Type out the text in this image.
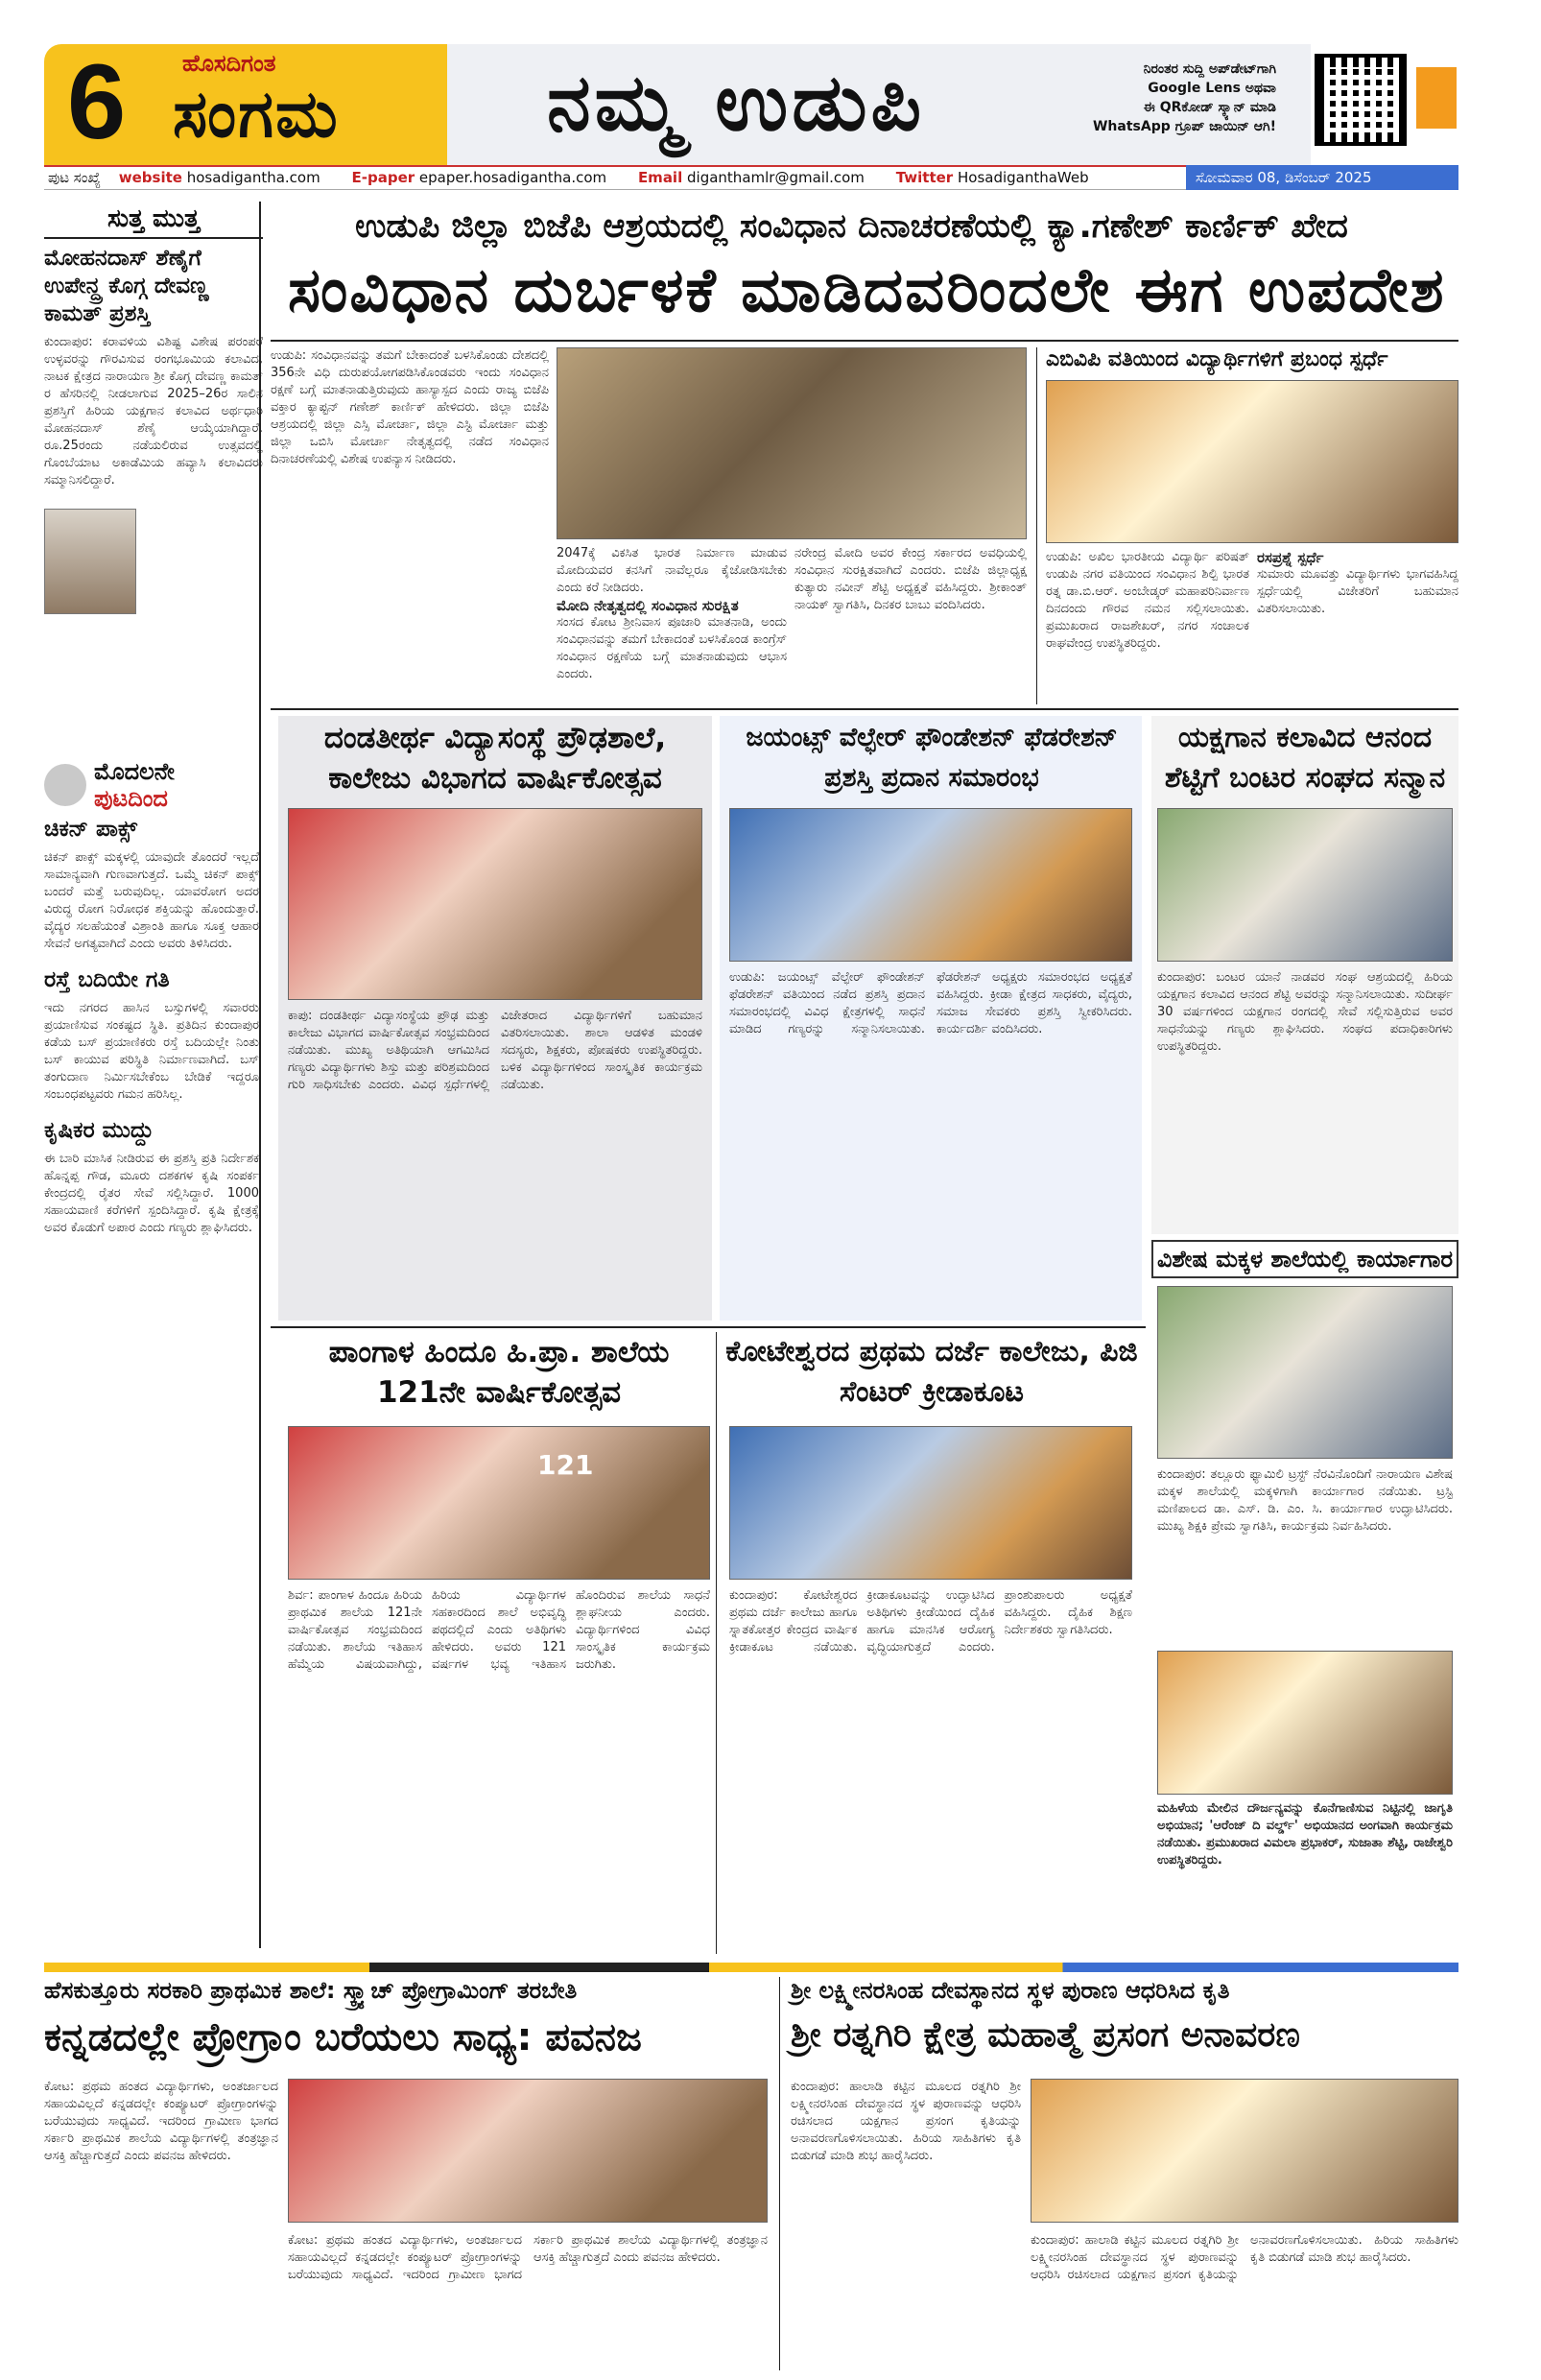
6 ಹೊಸದಿಗಂತ
ಸಂಗಮ	ನಮ್ಮ ಉಡುಪಿ	ನಿರಂತರ ಸುದ್ದಿ ಅಪ್‌ಡೇಟ್‌ಗಾಗಿ
Google Lens ಅಥವಾ
ಈ QRಕೋಡ್ ಸ್ಕ್ಯಾನ್ ಮಾಡಿ
WhatsApp ಗ್ರೂಪ್ ಜಾಯಿನ್ ಆಗಿ!
ಪುಟ ಸಂಖ್ಯೆ website hosadigantha.com E-paper epaper.hosadigantha.com Email diganthamlr@gmail.com Twitter HosadiganthaWeb	ಸೋಮವಾರ 08, ಡಿಸೆಂಬರ್ 2025
ಸುತ್ತ ಮುತ್ತ
ಮೋಹನದಾಸ್ ಶೆಣೈಗೆ ಉಪೇನ್ದ್ರ ಕೊಗ್ಗ ದೇವಣ್ಣ ಕಾಮತ್ ಪ್ರಶಸ್ತಿ
ಕುಂದಾಪುರ: ಕರಾವಳಿಯ ವಿಶಿಷ್ಟ ವಿಶೇಷ ಪರಂಪರೆ ಉಳ್ಳವರನ್ನು ಗೌರವಿಸುವ ರಂಗಭೂಮಿಯ ಕಲಾವಿದ, ನಾಟಕ ಕ್ಷೇತ್ರದ ನಾರಾಯಣ ಶ್ರೀ ಕೊಗ್ಗ ದೇವಣ್ಣ ಕಾಮತ್ ರ ಹೆಸರಿನಲ್ಲಿ ನೀಡಲಾಗುವ 2025–26ರ ಸಾಲಿನ ಪ್ರಶಸ್ತಿಗೆ ಹಿರಿಯ ಯಕ್ಷಗಾನ ಕಲಾವಿದ ಅರ್ಥಧಾರಿ ಮೋಹನದಾಸ್ ಶೆಣೈ ಆಯ್ಕೆಯಾಗಿದ್ದಾರೆ. ರೂ.25ರಂದು ನಡೆಯಲಿರುವ ಉತ್ಸವದಲ್ಲಿ ಗೊಂಬೆಯಾಟ ಅಕಾಡೆಮಿಯ ಹವ್ಯಾಸಿ ಕಲಾವಿದರು ಸಮ್ಮಾನಿಸಲಿದ್ದಾರೆ.
ಮೊದಲನೇ
ಪುಟದಿಂದ
ಚಿಕನ್ ಪಾಕ್ಸ್
ಚಿಕನ್ ಪಾಕ್ಸ್ ಮಕ್ಕಳಲ್ಲಿ ಯಾವುದೇ ತೊಂದರೆ ಇಲ್ಲದೆ ಸಾಮಾನ್ಯವಾಗಿ ಗುಣವಾಗುತ್ತದೆ. ಒಮ್ಮೆ ಚಿಕನ್ ಪಾಕ್ಸ್ ಬಂದರೆ ಮತ್ತೆ ಬರುವುದಿಲ್ಲ. ಯಾವರೋಗ ಅದರ ವಿರುದ್ಧ ರೋಗ ನಿರೋಧಕ ಶಕ್ತಿಯನ್ನು ಹೊಂದುತ್ತಾರೆ. ವೈದ್ಯರ ಸಲಹೆಯಂತೆ ವಿಶ್ರಾಂತಿ ಹಾಗೂ ಸೂಕ್ತ ಆಹಾರ ಸೇವನೆ ಅಗತ್ಯವಾಗಿದೆ ಎಂದು ಅವರು ತಿಳಿಸಿದರು.
ರಸ್ತೆ ಬದಿಯೇ ಗತಿ
ಇದು ನಗರದ ಹಾಸಿನ ಬಸ್ಸುಗಳಲ್ಲಿ ಸವಾರರು ಪ್ರಯಾಣಿಸುವ ಸಂಕಷ್ಟದ ಸ್ಥಿತಿ. ಪ್ರತಿದಿನ ಕುಂದಾಪುರ ಕಡೆಯ ಬಸ್ ಪ್ರಯಾಣಿಕರು ರಸ್ತೆ ಬದಿಯಲ್ಲೇ ನಿಂತು ಬಸ್ ಕಾಯುವ ಪರಿಸ್ಥಿತಿ ನಿರ್ಮಾಣವಾಗಿದೆ. ಬಸ್ ತಂಗುದಾಣ ನಿರ್ಮಿಸಬೇಕೆಂಬ ಬೇಡಿಕೆ ಇದ್ದರೂ ಸಂಬಂಧಪಟ್ಟವರು ಗಮನ ಹರಿಸಿಲ್ಲ.
ಕೃಷಿಕರ ಮುದ್ದು
ಈ ಬಾರಿ ಮಾಸಿಕ ನೀಡಿರುವ ಈ ಪ್ರಶಸ್ತಿ ಪ್ರತಿ ನಿರ್ದೇಶಕ ಹೊನ್ನಪ್ಪ ಗೌಡ, ಮೂರು ದಶಕಗಳ ಕೃಷಿ ಸಂಪರ್ಕ ಕೇಂದ್ರದಲ್ಲಿ ರೈತರ ಸೇವೆ ಸಲ್ಲಿಸಿದ್ದಾರೆ. 1000 ಸಹಾಯವಾಣಿ ಕರೆಗಳಿಗೆ ಸ್ಪಂದಿಸಿದ್ದಾರೆ. ಕೃಷಿ ಕ್ಷೇತ್ರಕ್ಕೆ ಅವರ ಕೊಡುಗೆ ಅಪಾರ ಎಂದು ಗಣ್ಯರು ಶ್ಲಾಘಿಸಿದರು.
ಉಡುಪಿ ಜಿಲ್ಲಾ ಬಿಜೆಪಿ ಆಶ್ರಯದಲ್ಲಿ ಸಂವಿಧಾನ ದಿನಾಚರಣೆಯಲ್ಲಿ ಕ್ಯಾ.ಗಣೇಶ್ ಕಾರ್ಣಿಕ್ ಖೇದ
ಸಂವಿಧಾನ ದುರ್ಬಳಕೆ ಮಾಡಿದವರಿಂದಲೇ ಈಗ ಉಪದೇಶ
ಉಡುಪಿ: ಸಂವಿಧಾನವನ್ನು ತಮಗೆ ಬೇಕಾದಂತೆ ಬಳಸಿಕೊಂಡು ದೇಶದಲ್ಲಿ 356ನೇ ವಿಧಿ ದುರುಪಯೋಗಪಡಿಸಿಕೊಂಡವರು ಇಂದು ಸಂವಿಧಾನ ರಕ್ಷಣೆ ಬಗ್ಗೆ ಮಾತನಾಡುತ್ತಿರುವುದು ಹಾಸ್ಯಾಸ್ಪದ ಎಂದು ರಾಜ್ಯ ಬಿಜೆಪಿ ವಕ್ತಾರ ಕ್ಯಾಪ್ಟನ್ ಗಣೇಶ್ ಕಾರ್ಣಿಕ್ ಹೇಳಿದರು. ಜಿಲ್ಲಾ ಬಿಜೆಪಿ ಆಶ್ರಯದಲ್ಲಿ ಜಿಲ್ಲಾ ಎಸ್ಸಿ ಮೋರ್ಚಾ, ಜಿಲ್ಲಾ ಎಸ್ಟಿ ಮೋರ್ಚಾ ಮತ್ತು ಜಿಲ್ಲಾ ಒಬಿಸಿ ಮೋರ್ಚಾ ನೇತೃತ್ವದಲ್ಲಿ ನಡೆದ ಸಂವಿಧಾನ ದಿನಾಚರಣೆಯಲ್ಲಿ ವಿಶೇಷ ಉಪನ್ಯಾಸ ನೀಡಿದರು.
2047ಕ್ಕೆ ವಿಕಸಿತ ಭಾರತ ನಿರ್ಮಾಣ ಮಾಡುವ ಮೋದಿಯವರ ಕನಸಿಗೆ ನಾವೆಲ್ಲರೂ ಕೈಜೋಡಿಸಬೇಕು ಎಂದು ಕರೆ ನೀಡಿದರು.
ಮೋದಿ ನೇತೃತ್ವದಲ್ಲಿ ಸಂವಿಧಾನ ಸುರಕ್ಷಿತ
ಸಂಸದ ಕೋಟ ಶ್ರೀನಿವಾಸ ಪೂಜಾರಿ ಮಾತನಾಡಿ, ಅಂದು ಸಂವಿಧಾನವನ್ನು ತಮಗೆ ಬೇಕಾದಂತೆ ಬಳಸಿಕೊಂಡ ಕಾಂಗ್ರೆಸ್ ಸಂವಿಧಾನ ರಕ್ಷಣೆಯ ಬಗ್ಗೆ ಮಾತನಾಡುವುದು ಆಭಾಸ ಎಂದರು.
ನರೇಂದ್ರ ಮೋದಿ ಅವರ ಕೇಂದ್ರ ಸರ್ಕಾರದ ಅವಧಿಯಲ್ಲಿ ಸಂವಿಧಾನ ಸುರಕ್ಷಿತವಾಗಿದೆ ಎಂದರು. ಬಿಜೆಪಿ ಜಿಲ್ಲಾಧ್ಯಕ್ಷ ಕುತ್ಯಾರು ನವೀನ್ ಶೆಟ್ಟಿ ಅಧ್ಯಕ್ಷತೆ ವಹಿಸಿದ್ದರು. ಶ್ರೀಕಾಂತ್ ನಾಯಕ್ ಸ್ವಾಗತಿಸಿ, ದಿನಕರ ಬಾಬು ವಂದಿಸಿದರು.
ಎಬಿವಿಪಿ ವತಿಯಿಂದ ವಿದ್ಯಾರ್ಥಿಗಳಿಗೆ ಪ್ರಬಂಧ ಸ್ಪರ್ಧೆ
ಉಡುಪಿ: ಅಖಿಲ ಭಾರತೀಯ ವಿದ್ಯಾರ್ಥಿ ಪರಿಷತ್ ಉಡುಪಿ ನಗರ ವತಿಯಿಂದ ಸಂವಿಧಾನ ಶಿಲ್ಪಿ ಭಾರತ ರತ್ನ ಡಾ.ಬಿ.ಆರ್. ಅಂಬೇಡ್ಕರ್ ಮಹಾಪರಿನಿರ್ವಾಣ ದಿನದಂದು ಗೌರವ ನಮನ ಸಲ್ಲಿಸಲಾಯಿತು. ಪ್ರಮುಖರಾದ ರಾಜಶೇಖರ್, ನಗರ ಸಂಚಾಲಕ ರಾಘವೇಂದ್ರ ಉಪಸ್ಥಿತರಿದ್ದರು.
ರಸಪ್ರಶ್ನೆ ಸ್ಪರ್ಧೆ
ಸುಮಾರು ಮೂವತ್ತು ವಿದ್ಯಾರ್ಥಿಗಳು ಭಾಗವಹಿಸಿದ್ದ ಸ್ಪರ್ಧೆಯಲ್ಲಿ ವಿಜೇತರಿಗೆ ಬಹುಮಾನ ವಿತರಿಸಲಾಯಿತು.
ದಂಡತೀರ್ಥ ವಿದ್ಯಾಸಂಸ್ಥೆ ಪ್ರೌಢಶಾಲೆ, ಕಾಲೇಜು ವಿಭಾಗದ ವಾರ್ಷಿಕೋತ್ಸವ
ಕಾಪು: ದಂಡತೀರ್ಥ ವಿದ್ಯಾಸಂಸ್ಥೆಯ ಪ್ರೌಢ ಮತ್ತು ಕಾಲೇಜು ವಿಭಾಗದ ವಾರ್ಷಿಕೋತ್ಸವ ಸಂಭ್ರಮದಿಂದ ನಡೆಯಿತು. ಮುಖ್ಯ ಅತಿಥಿಯಾಗಿ ಆಗಮಿಸಿದ ಗಣ್ಯರು ವಿದ್ಯಾರ್ಥಿಗಳು ಶಿಸ್ತು ಮತ್ತು ಪರಿಶ್ರಮದಿಂದ ಗುರಿ ಸಾಧಿಸಬೇಕು ಎಂದರು. ವಿವಿಧ ಸ್ಪರ್ಧೆಗಳಲ್ಲಿ ವಿಜೇತರಾದ ವಿದ್ಯಾರ್ಥಿಗಳಿಗೆ ಬಹುಮಾನ ವಿತರಿಸಲಾಯಿತು. ಶಾಲಾ ಆಡಳಿತ ಮಂಡಳಿ ಸದಸ್ಯರು, ಶಿಕ್ಷಕರು, ಪೋಷಕರು ಉಪಸ್ಥಿತರಿದ್ದರು. ಬಳಿಕ ವಿದ್ಯಾರ್ಥಿಗಳಿಂದ ಸಾಂಸ್ಕೃತಿಕ ಕಾರ್ಯಕ್ರಮ ನಡೆಯಿತು.
ಜಯಂಟ್ಸ್ ವೆಲ್ಫೇರ್ ಫೌಂಡೇಶನ್ ಫೆಡರೇಶನ್ ಪ್ರಶಸ್ತಿ ಪ್ರದಾನ ಸಮಾರಂಭ
ಉಡುಪಿ: ಜಯಂಟ್ಸ್ ವೆಲ್ಫೇರ್ ಫೌಂಡೇಶನ್ ಫೆಡರೇಶನ್ ವತಿಯಿಂದ ನಡೆದ ಪ್ರಶಸ್ತಿ ಪ್ರದಾನ ಸಮಾರಂಭದಲ್ಲಿ ವಿವಿಧ ಕ್ಷೇತ್ರಗಳಲ್ಲಿ ಸಾಧನೆ ಮಾಡಿದ ಗಣ್ಯರನ್ನು ಸನ್ಮಾನಿಸಲಾಯಿತು. ಫೆಡರೇಶನ್ ಅಧ್ಯಕ್ಷರು ಸಮಾರಂಭದ ಅಧ್ಯಕ್ಷತೆ ವಹಿಸಿದ್ದರು. ಕ್ರೀಡಾ ಕ್ಷೇತ್ರದ ಸಾಧಕರು, ವೈದ್ಯರು, ಸಮಾಜ ಸೇವಕರು ಪ್ರಶಸ್ತಿ ಸ್ವೀಕರಿಸಿದರು. ಕಾರ್ಯದರ್ಶಿ ವಂದಿಸಿದರು.
ಯಕ್ಷಗಾನ ಕಲಾವಿದ ಆನಂದ ಶೆಟ್ಟಿಗೆ ಬಂಟರ ಸಂಘದ ಸನ್ಮಾನ
ಕುಂದಾಪುರ: ಬಂಟರ ಯಾನೆ ನಾಡವರ ಸಂಘ ಆಶ್ರಯದಲ್ಲಿ ಹಿರಿಯ ಯಕ್ಷಗಾನ ಕಲಾವಿದ ಆನಂದ ಶೆಟ್ಟಿ ಅವರನ್ನು ಸನ್ಮಾನಿಸಲಾಯಿತು. ಸುದೀರ್ಘ 30 ವರ್ಷಗಳಿಂದ ಯಕ್ಷಗಾನ ರಂಗದಲ್ಲಿ ಸೇವೆ ಸಲ್ಲಿಸುತ್ತಿರುವ ಅವರ ಸಾಧನೆಯನ್ನು ಗಣ್ಯರು ಶ್ಲಾಘಿಸಿದರು. ಸಂಘದ ಪದಾಧಿಕಾರಿಗಳು ಉಪಸ್ಥಿತರಿದ್ದರು.
ವಿಶೇಷ ಮಕ್ಕಳ ಶಾಲೆಯಲ್ಲಿ ಕಾರ್ಯಾಗಾರ
ಕುಂದಾಪುರ: ತಲ್ಲೂರು ಫ್ಯಾಮಿಲಿ ಟ್ರಸ್ಟ್ ನೆರವಿನೊಂದಿಗೆ ನಾರಾಯಣ ವಿಶೇಷ ಮಕ್ಕಳ ಶಾಲೆಯಲ್ಲಿ ಮಕ್ಕಳಿಗಾಗಿ ಕಾರ್ಯಾಗಾರ ನಡೆಯಿತು. ಟ್ರಸ್ಟಿ ಮಣಿಪಾಲದ ಡಾ. ಎಸ್. ಡಿ. ಎಂ. ಸಿ. ಕಾರ್ಯಾಗಾರ ಉದ್ಘಾಟಿಸಿದರು. ಮುಖ್ಯ ಶಿಕ್ಷಕಿ ಪ್ರೇಮ ಸ್ವಾಗತಿಸಿ, ಕಾರ್ಯಕ್ರಮ ನಿರ್ವಹಿಸಿದರು.
ಮಹಿಳೆಯ ಮೇಲಿನ ದೌರ್ಜನ್ಯವನ್ನು ಕೊನೆಗಾಣಿಸುವ ನಿಟ್ಟಿನಲ್ಲಿ ಜಾಗೃತಿ ಅಭಿಯಾನ; 'ಆರೆಂಜ್ ದಿ ವರ್ಲ್ಡ್' ಅಭಿಯಾನದ ಅಂಗವಾಗಿ ಕಾರ್ಯಕ್ರಮ ನಡೆಯಿತು. ಪ್ರಮುಖರಾದ ವಿಮಲಾ ಪ್ರಭಾಕರ್, ಸುಜಾತಾ ಶೆಟ್ಟಿ, ರಾಜೇಶ್ವರಿ ಉಪಸ್ಥಿತರಿದ್ದರು.
ಪಾಂಗಾಳ ಹಿಂದೂ ಹಿ.ಪ್ರಾ. ಶಾಲೆಯ 121ನೇ ವಾರ್ಷಿಕೋತ್ಸವ
121
ಶಿರ್ವ: ಪಾಂಗಾಳ ಹಿಂದೂ ಹಿರಿಯ ಪ್ರಾಥಮಿಕ ಶಾಲೆಯ 121ನೇ ವಾರ್ಷಿಕೋತ್ಸವ ಸಂಭ್ರಮದಿಂದ ನಡೆಯಿತು. ಶಾಲೆಯ ಇತಿಹಾಸ ಹೆಮ್ಮೆಯ ವಿಷಯವಾಗಿದ್ದು, ಹಿರಿಯ ವಿದ್ಯಾರ್ಥಿಗಳ ಸಹಕಾರದಿಂದ ಶಾಲೆ ಅಭಿವೃದ್ಧಿ ಪಥದಲ್ಲಿದೆ ಎಂದು ಅತಿಥಿಗಳು ಹೇಳಿದರು. ಅವರು 121 ವರ್ಷಗಳ ಭವ್ಯ ಇತಿಹಾಸ ಹೊಂದಿರುವ ಶಾಲೆಯ ಸಾಧನೆ ಶ್ಲಾಘನೀಯ ಎಂದರು. ವಿದ್ಯಾರ್ಥಿಗಳಿಂದ ವಿವಿಧ ಸಾಂಸ್ಕೃತಿಕ ಕಾರ್ಯಕ್ರಮ ಜರುಗಿತು.
ಕೋಟೇಶ್ವರದ ಪ್ರಥಮ ದರ್ಜೆ ಕಾಲೇಜು, ಪಿಜಿ ಸೆಂಟರ್ ಕ್ರೀಡಾಕೂಟ
ಕುಂದಾಪುರ: ಕೋಟೇಶ್ವರದ ಪ್ರಥಮ ದರ್ಜೆ ಕಾಲೇಜು ಹಾಗೂ ಸ್ನಾತಕೋತ್ತರ ಕೇಂದ್ರದ ವಾರ್ಷಿಕ ಕ್ರೀಡಾಕೂಟ ನಡೆಯಿತು. ಕ್ರೀಡಾಕೂಟವನ್ನು ಉದ್ಘಾಟಿಸಿದ ಅತಿಥಿಗಳು ಕ್ರೀಡೆಯಿಂದ ದೈಹಿಕ ಹಾಗೂ ಮಾನಸಿಕ ಆರೋಗ್ಯ ವೃದ್ಧಿಯಾಗುತ್ತದೆ ಎಂದರು. ಪ್ರಾಂಶುಪಾಲರು ಅಧ್ಯಕ್ಷತೆ ವಹಿಸಿದ್ದರು. ದೈಹಿಕ ಶಿಕ್ಷಣ ನಿರ್ದೇಶಕರು ಸ್ವಾಗತಿಸಿದರು.
ಹೆಸಕುತ್ತೂರು ಸರಕಾರಿ ಪ್ರಾಥಮಿಕ ಶಾಲೆ: ಸ್ಕ್ರ್ಯಾಚ್ ಪ್ರೋಗ್ರಾಮಿಂಗ್ ತರಬೇತಿ
ಕನ್ನಡದಲ್ಲೇ ಪ್ರೋಗ್ರಾಂ ಬರೆಯಲು ಸಾಧ್ಯ: ಪವನಜ
ಕೋಟ: ಪ್ರಥಮ ಹಂತದ ವಿದ್ಯಾರ್ಥಿಗಳು, ಅಂತರ್ಜಾಲದ ಸಹಾಯವಿಲ್ಲದೆ ಕನ್ನಡದಲ್ಲೇ ಕಂಪ್ಯೂಟರ್ ಪ್ರೋಗ್ರಾಂಗಳನ್ನು ಬರೆಯುವುದು ಸಾಧ್ಯವಿದೆ. ಇದರಿಂದ ಗ್ರಾಮೀಣ ಭಾಗದ ಸರ್ಕಾರಿ ಪ್ರಾಥಮಿಕ ಶಾಲೆಯ ವಿದ್ಯಾರ್ಥಿಗಳಲ್ಲಿ ತಂತ್ರಜ್ಞಾನ ಆಸಕ್ತಿ ಹೆಚ್ಚಾಗುತ್ತದೆ ಎಂದು ಪವನಜ ಹೇಳಿದರು.
ಕೋಟ: ಪ್ರಥಮ ಹಂತದ ವಿದ್ಯಾರ್ಥಿಗಳು, ಅಂತರ್ಜಾಲದ ಸಹಾಯವಿಲ್ಲದೆ ಕನ್ನಡದಲ್ಲೇ ಕಂಪ್ಯೂಟರ್ ಪ್ರೋಗ್ರಾಂಗಳನ್ನು ಬರೆಯುವುದು ಸಾಧ್ಯವಿದೆ. ಇದರಿಂದ ಗ್ರಾಮೀಣ ಭಾಗದ ಸರ್ಕಾರಿ ಪ್ರಾಥಮಿಕ ಶಾಲೆಯ ವಿದ್ಯಾರ್ಥಿಗಳಲ್ಲಿ ತಂತ್ರಜ್ಞಾನ ಆಸಕ್ತಿ ಹೆಚ್ಚಾಗುತ್ತದೆ ಎಂದು ಪವನಜ ಹೇಳಿದರು.
ಶ್ರೀ ಲಕ್ಷ್ಮೀನರಸಿಂಹ ದೇವಸ್ಥಾನದ ಸ್ಥಳ ಪುರಾಣ ಆಧರಿಸಿದ ಕೃತಿ
ಶ್ರೀ ರತ್ನಗಿರಿ ಕ್ಷೇತ್ರ ಮಹಾತ್ಮೆ ಪ್ರಸಂಗ ಅನಾವರಣ
ಕುಂದಾಪುರ: ಹಾಲಾಡಿ ಕಟ್ಟಿನ ಮೂಲದ ರತ್ನಗಿರಿ ಶ್ರೀ ಲಕ್ಷ್ಮೀನರಸಿಂಹ ದೇವಸ್ಥಾನದ ಸ್ಥಳ ಪುರಾಣವನ್ನು ಆಧರಿಸಿ ರಚಿಸಲಾದ ಯಕ್ಷಗಾನ ಪ್ರಸಂಗ ಕೃತಿಯನ್ನು ಅನಾವರಣಗೊಳಿಸಲಾಯಿತು. ಹಿರಿಯ ಸಾಹಿತಿಗಳು ಕೃತಿ ಬಿಡುಗಡೆ ಮಾಡಿ ಶುಭ ಹಾರೈಸಿದರು.
ಕುಂದಾಪುರ: ಹಾಲಾಡಿ ಕಟ್ಟಿನ ಮೂಲದ ರತ್ನಗಿರಿ ಶ್ರೀ ಲಕ್ಷ್ಮೀನರಸಿಂಹ ದೇವಸ್ಥಾನದ ಸ್ಥಳ ಪುರಾಣವನ್ನು ಆಧರಿಸಿ ರಚಿಸಲಾದ ಯಕ್ಷಗಾನ ಪ್ರಸಂಗ ಕೃತಿಯನ್ನು ಅನಾವರಣಗೊಳಿಸಲಾಯಿತು. ಹಿರಿಯ ಸಾಹಿತಿಗಳು ಕೃತಿ ಬಿಡುಗಡೆ ಮಾಡಿ ಶುಭ ಹಾರೈಸಿದರು.
